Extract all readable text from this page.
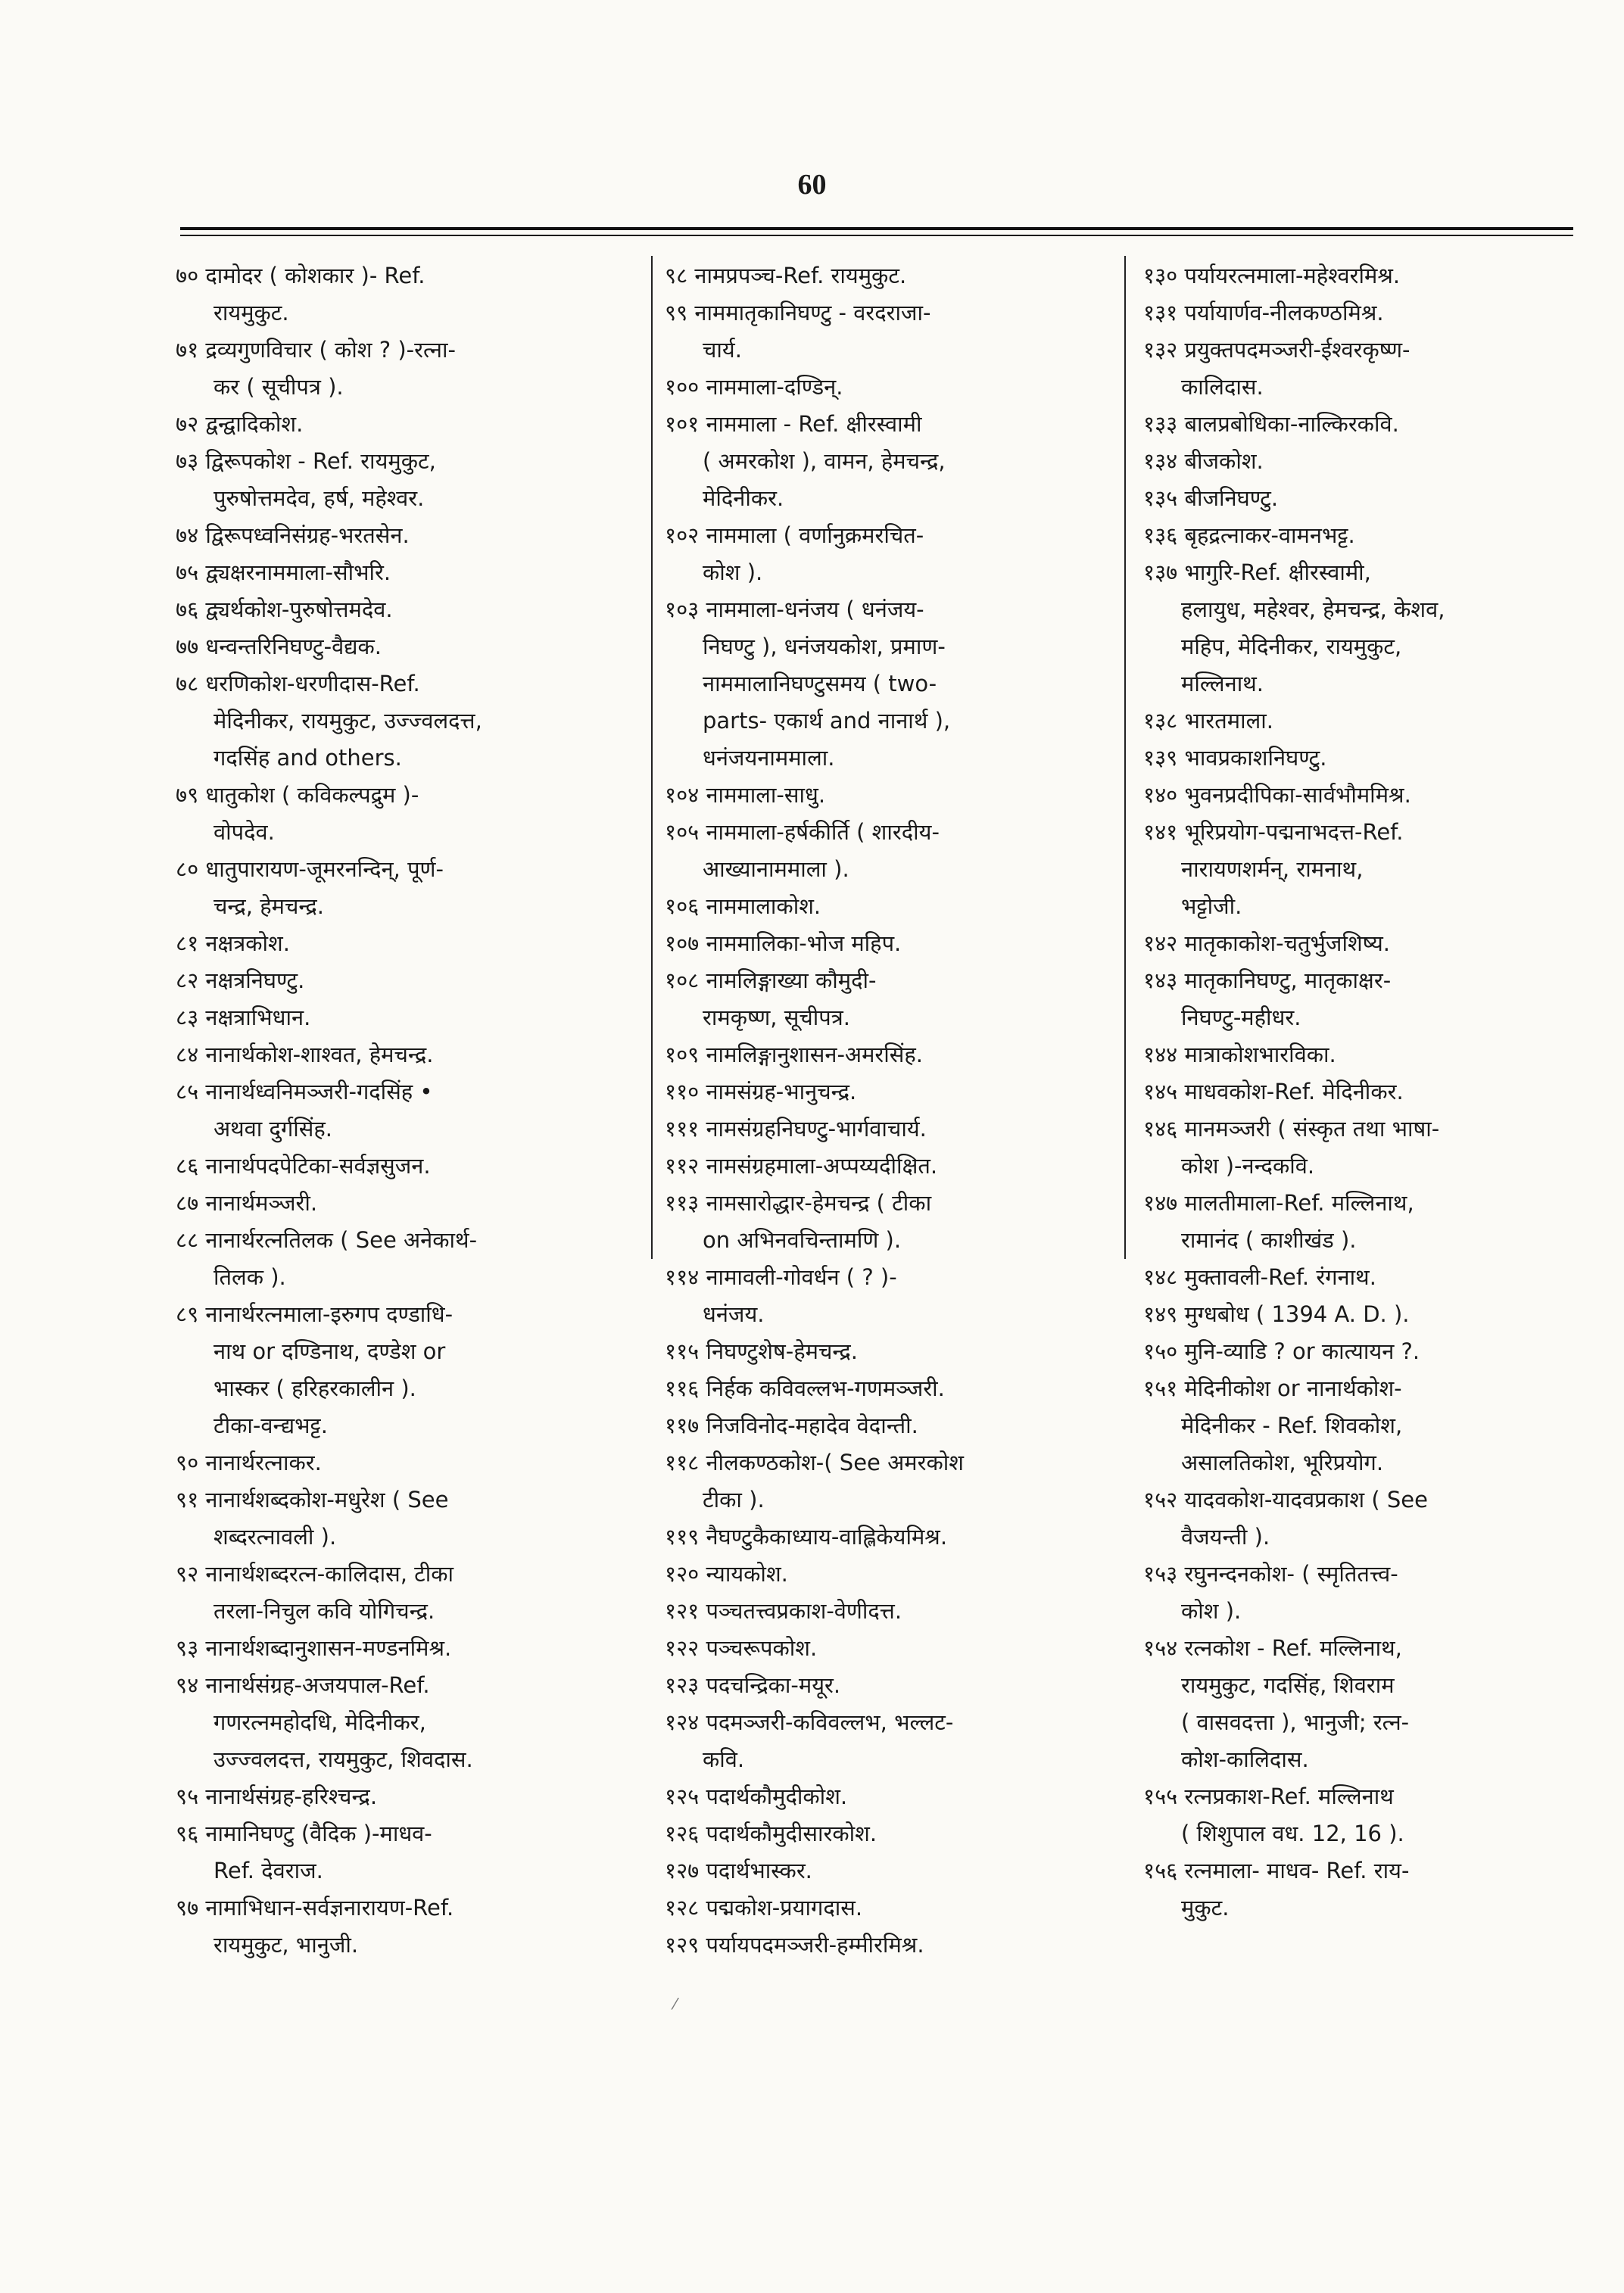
60
७० दामोदर ( कोशकार )- Ref.
रायमुकुट.
७१ द्रव्यगुणविचार ( कोश ? )-रत्ना-
कर ( सूचीपत्र ).
७२ द्वन्द्वादिकोश.
७३ द्विरूपकोश - Ref. रायमुकुट,
पुरुषोत्तमदेव, हर्ष, महेश्वर.
७४ द्विरूपध्वनिसंग्रह-भरतसेन.
७५ द्व्यक्षरनाममाला-सौभरि.
७६ द्व्यर्थकोश-पुरुषोत्तमदेव.
७७ धन्वन्तरिनिघण्टु-वैद्यक.
७८ धरणिकोश-धरणीदास-Ref.
मेदिनीकर, रायमुकुट, उज्ज्वलदत्त,
गदसिंह and others.
७९ धातुकोश ( कविकल्पद्रुम )-
वोपदेव.
८० धातुपारायण-जूमरनन्दिन्, पूर्ण-
चन्द्र, हेमचन्द्र.
८१ नक्षत्रकोश.
८२ नक्षत्रनिघण्टु.
८३ नक्षत्राभिधान.
८४ नानार्थकोश-शाश्वत, हेमचन्द्र.
८५ नानार्थध्वनिमञ्जरी-गदसिंह •
अथवा दुर्गसिंह.
८६ नानार्थपदपेटिका-सर्वज्ञसुजन.
८७ नानार्थमञ्जरी.
८८ नानार्थरत्नतिलक ( See अनेकार्थ-
तिलक ).
८९ नानार्थरत्नमाला-इरुगप दण्डाधि-
नाथ or दण्डिनाथ, दण्डेश or
भास्कर ( हरिहरकालीन ).
टीका-वन्द्यभट्ट.
९० नानार्थरत्नाकर.
९१ नानार्थशब्दकोश-मधुरेश ( See
शब्दरत्नावली ).
९२ नानार्थशब्दरत्न-कालिदास, टीका
तरला-निचुल कवि योगिचन्द्र.
९३ नानार्थशब्दानुशासन-मण्डनमिश्र.
९४ नानार्थसंग्रह-अजयपाल-Ref.
गणरत्नमहोदधि, मेदिनीकर,
उज्ज्वलदत्त, रायमुकुट, शिवदास.
९५ नानार्थसंग्रह-हरिश्चन्द्र.
९६ नामानिघण्टु (वैदिक )-माधव-
Ref. देवराज.
९७ नामाभिधान-सर्वज्ञनारायण-Ref.
रायमुकुट, भानुजी.
९८ नामप्रपञ्च-Ref. रायमुकुट.
९९ नाममातृकानिघण्टु - वरदराजा-
चार्य.
१०० नाममाला-दण्डिन्.
१०१ नाममाला - Ref. क्षीरस्वामी
( अमरकोश ), वामन, हेमचन्द्र,
मेदिनीकर.
१०२ नाममाला ( वर्णानुक्रमरचित-
कोश ).
१०३ नाममाला-धनंजय ( धनंजय-
निघण्टु ), धनंजयकोश, प्रमाण-
नाममालानिघण्टुसमय ( two-
parts- एकार्थ and नानार्थ ),
धनंजयनाममाला.
१०४ नाममाला-साधु.
१०५ नाममाला-हर्षकीर्ति ( शारदीय-
आख्यानाममाला ).
१०६ नाममालाकोश.
१०७ नाममालिका-भोज महिप.
१०८ नामलिङ्गाख्या कौमुदी-
रामकृष्ण, सूचीपत्र.
१०९ नामलिङ्गानुशासन-अमरसिंह.
११० नामसंग्रह-भानुचन्द्र.
१११ नामसंग्रहनिघण्टु-भार्गवाचार्य.
११२ नामसंग्रहमाला-अप्पय्यदीक्षित.
११३ नामसारोद्धार-हेमचन्द्र ( टीका
on अभिनवचिन्तामणि ).
११४ नामावली-गोवर्धन ( ? )-
धनंजय.
११५ निघण्टुशेष-हेमचन्द्र.
११६ निर्हक कविवल्लभ-गणमञ्जरी.
११७ निजविनोद-महादेव वेदान्ती.
११८ नीलकण्ठकोश-( See अमरकोश
टीका ).
११९ नैघण्टुकैकाध्याय-वाह्लिकेयमिश्र.
१२० न्यायकोश.
१२१ पञ्चतत्त्वप्रकाश-वेणीदत्त.
१२२ पञ्चरूपकोश.
१२३ पदचन्द्रिका-मयूर.
१२४ पदमञ्जरी-कविवल्लभ, भल्लट-
कवि.
१२५ पदार्थकौमुदीकोश.
१२६ पदार्थकौमुदीसारकोश.
१२७ पदार्थभास्कर.
१२८ पद्मकोश-प्रयागदास.
१२९ पर्यायपदमञ्जरी-हम्मीरमिश्र.
१३० पर्यायरत्नमाला-महेश्वरमिश्र.
१३१ पर्यायार्णव-नीलकण्ठमिश्र.
१३२ प्रयुक्तपदमञ्जरी-ईश्वरकृष्ण-
कालिदास.
१३३ बालप्रबोधिका-नाल्किरकवि.
१३४ बीजकोश.
१३५ बीजनिघण्टु.
१३६ बृहद्रत्नाकर-वामनभट्ट.
१३७ भागुरि-Ref. क्षीरस्वामी,
हलायुध, महेश्वर, हेमचन्द्र, केशव,
महिप, मेदिनीकर, रायमुकुट,
मल्लिनाथ.
१३८ भारतमाला.
१३९ भावप्रकाशनिघण्टु.
१४० भुवनप्रदीपिका-सार्वभौममिश्र.
१४१ भूरिप्रयोग-पद्मनाभदत्त-Ref.
नारायणशर्मन्, रामनाथ,
भट्टोजी.
१४२ मातृकाकोश-चतुर्भुजशिष्य.
१४३ मातृकानिघण्टु, मातृकाक्षर-
निघण्टु-महीधर.
१४४ मात्राकोशभारविका.
१४५ माधवकोश-Ref. मेदिनीकर.
१४६ मानमञ्जरी ( संस्कृत तथा भाषा-
कोश )-नन्दकवि.
१४७ मालतीमाला-Ref. मल्लिनाथ,
रामानंद ( काशीखंड ).
१४८ मुक्तावली-Ref. रंगनाथ.
१४९ मुग्धबोध ( 1394 A. D. ).
१५० मुनि-व्याडि ? or कात्यायन ?.
१५१ मेदिनीकोश or नानार्थकोश-
मेदिनीकर - Ref. शिवकोश,
असालतिकोश, भूरिप्रयोग.
१५२ यादवकोश-यादवप्रकाश ( See
वैजयन्ती ).
१५३ रघुनन्दनकोश- ( स्मृतितत्त्व-
कोश ).
१५४ रत्नकोश - Ref. मल्लिनाथ,
रायमुकुट, गदसिंह, शिवराम
( वासवदत्ता ), भानुजी; रत्न-
कोश-कालिदास.
१५५ रत्नप्रकाश-Ref. मल्लिनाथ
( शिशुपाल वध. 12, 16 ).
१५६ रत्नमाला- माधव- Ref. राय-
मुकुट.
⁄
